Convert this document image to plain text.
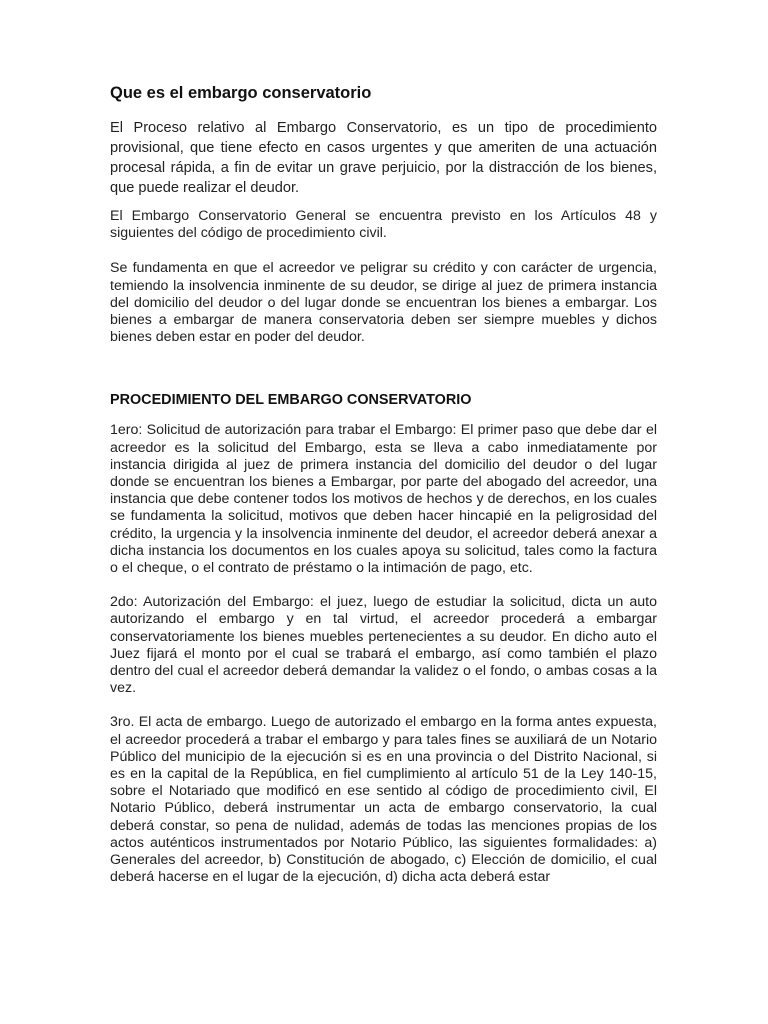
Que es el embargo conservatorio

El Proceso relativo al Embargo Conservatorio, es un tipo de procedimiento provisional, que tiene efecto en casos urgentes y que ameriten de una actuación procesal rápida, a fin de evitar un grave perjuicio, por la distracción de los bienes, que puede realizar el deudor.

El Embargo Conservatorio General se encuentra previsto en los Artículos 48 y siguientes del código de procedimiento civil.

Se fundamenta en que el acreedor ve peligrar su crédito y con carácter de urgencia, temiendo la insolvencia inminente de su deudor, se dirige al juez de primera instancia del domicilio del deudor o del lugar donde se encuentran los bienes a embargar. Los bienes a embargar de manera conservatoria deben ser siempre muebles y dichos bienes deben estar en poder del deudor.

PROCEDIMIENTO DEL EMBARGO CONSERVATORIO

1ero: Solicitud de autorización para trabar el Embargo: El primer paso que debe dar el acreedor es la solicitud del Embargo, esta se lleva a cabo inmediatamente por instancia dirigida al juez de primera instancia del domicilio del deudor o del lugar donde se encuentran los bienes a Embargar, por parte del abogado del acreedor, una instancia que debe contener todos los motivos de hechos y de derechos, en los cuales se fundamenta la solicitud, motivos que deben hacer hincapié en la peligrosidad del crédito, la urgencia y la insolvencia inminente del deudor, el acreedor deberá anexar a dicha instancia los documentos en los cuales apoya su solicitud, tales como la factura o el cheque, o el contrato de préstamo o la intimación de pago, etc.

2do: Autorización del Embargo: el juez, luego de estudiar la solicitud, dicta un auto autorizando el embargo y en tal virtud, el acreedor procederá a embargar conservatoriamente los bienes muebles pertenecientes a su deudor. En dicho auto el Juez fijará el monto por el cual se trabará el embargo, así como también el plazo dentro del cual el acreedor deberá demandar la validez o el fondo, o ambas cosas a la vez.

3ro. El acta de embargo. Luego de autorizado el embargo en la forma antes expuesta, el acreedor procederá a trabar el embargo y para tales fines se auxiliará de un Notario Público del municipio de la ejecución si es en una provincia o del Distrito Nacional, si es en la capital de la República, en fiel cumplimiento al artículo 51 de la Ley 140-15, sobre el Notariado que modificó en ese sentido al código de procedimiento civil, El Notario Público, deberá instrumentar un acta de embargo conservatorio, la cual deberá constar, so pena de nulidad, además de todas las menciones propias de los actos auténticos instrumentados por Notario Público, las siguientes formalidades: a) Generales del acreedor, b) Constitución de abogado, c) Elección de domicilio, el cual deberá hacerse en el lugar de la ejecución, d) dicha acta deberá estar
